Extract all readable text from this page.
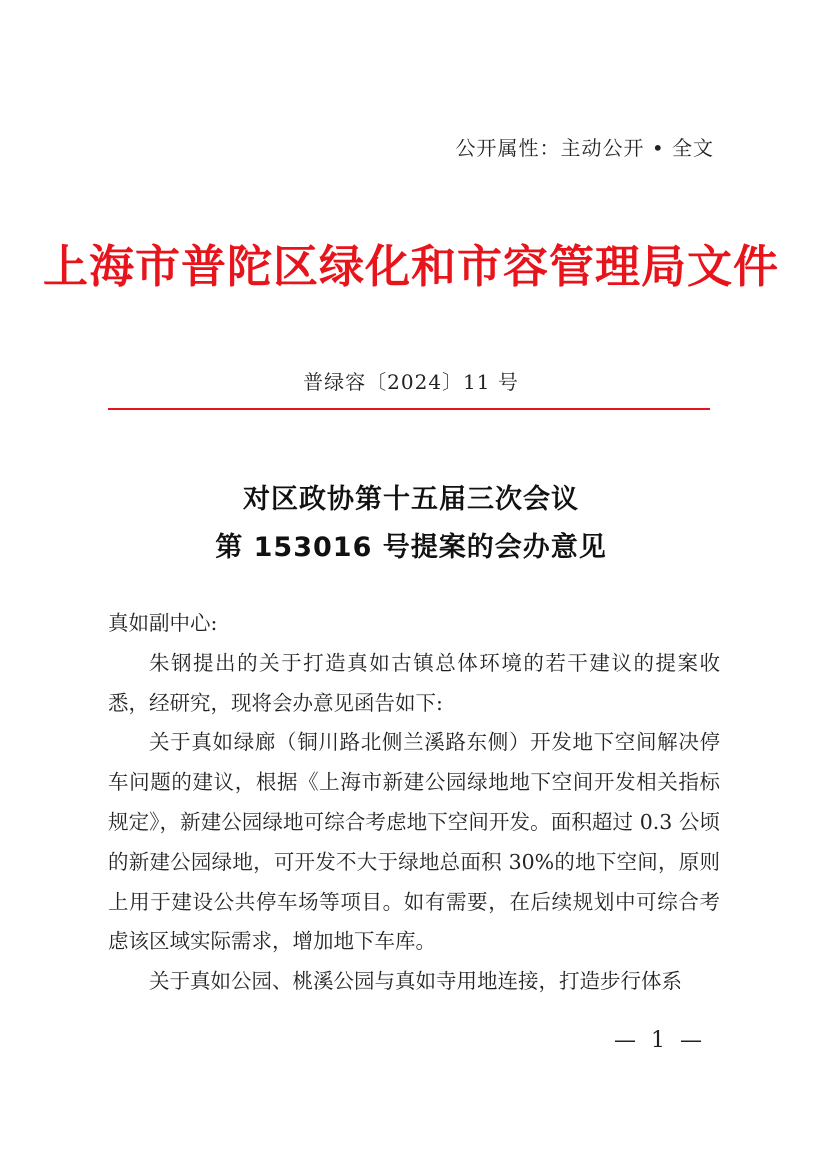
公开属性：主动公开 • 全文
上海市普陀区绿化和市容管理局文件
普绿容〔2024〕11 号
对区政协第十五届三次会议
第 153016 号提案的会办意见

真如副中心:

朱钢提出的关于打造真如古镇总体环境的若干建议的提案收悉，经研究，现将会办意见函告如下:

关于真如绿廊（铜川路北侧兰溪路东侧）开发地下空间解决停车问题的建议，根据《上海市新建公园绿地地下空间开发相关指标规定》，新建公园绿地可综合考虑地下空间开发。面积超过 0.3 公顷的新建公园绿地，可开发不大于绿地总面积 30%的地下空间，原则上用于建设公共停车场等项目。如有需要，在后续规划中可综合考虑该区域实际需求，增加地下车库。

关于真如公园、桃溪公园与真如寺用地连接，打造步行体系

— 1 —
